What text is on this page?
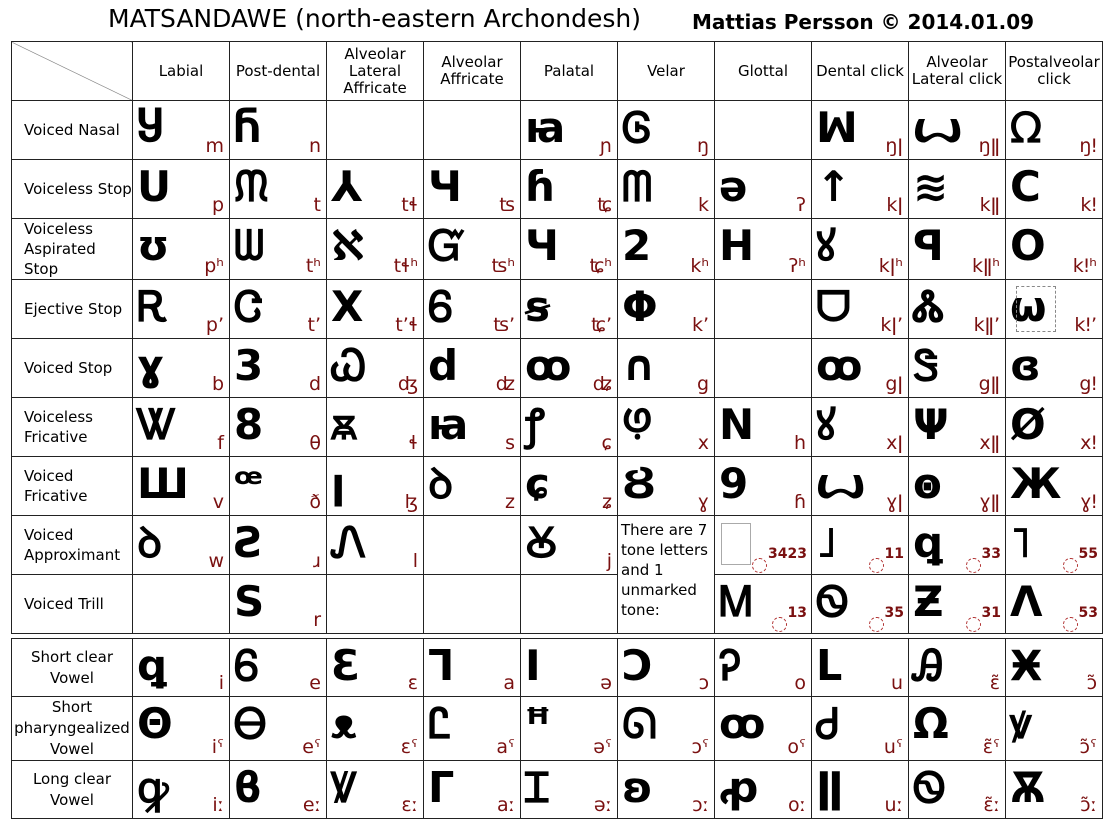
MATSANDAWE (north-eastern Archondesh)	Mattias Persson © 2014.01.09
	Labial	Post-dental	Alveolar Lateral Affricate	Alveolar Affricate	Palatal	Velar	Glottal	Dental click	Alveolar Lateral click	Postalveolar click
Voiced Nasal	Ⴘ m	Ⴌ n			ꙗ ɲ	Ꮆ ŋ		ꟽ ŋǀ	ꙍ ŋǁ	ᘯ ŋǃ

Voiceless Stop	U p	ᙏ t	⅄ tɬ	Ч ʦ	ɦ ʨ	ᗰ k	ə ʔ	↑ kǀ	≋ kǁ	C kǃ

Voiceless Aspirated Stop	ʊ pʰ	ᗯ tʰ	ℵ tɬʰ	Ᏻ ʦʰ	Ч ʨʰ	2 kʰ	H ʔʰ	ꙋ kǀʰ	ꟼ kǁʰ	O kǃʰ

Ejective Stop	Ꭱ p’	Ꮳ t’	X t’ɬ	Ꮾ ʦ’	ꞩ ʨ’	Φ k’		ᗜ kǀ’	Ꮬ kǁ’	ω kǃ’

Voiced Stop	ɣ b	3 d	Ꮗ ʤ	d ʣ	ꝏ ʥ	∩ g		ꚙ gǀ	Ꮥ gǁ	ɞ gǃ

Voiceless Fricative	Ꮤ f	8 θ	ꙛ ɬ	ꙗ s	ꝭ ɕ	ꚩ x	N h	ꙋ xǀ	Ψ xǁ	Ø xǃ

Voiced Fricative	Ш v	ꟹ ð	ꞁ ɮ	ꝺ z	ɕ ʑ	Ȣ ɣ	9 ɦ	ꙍ ɣǀ	ꙩ ɣǁ	Ж ɣǃ

Voiced Approximant	ꝺ w	Ƨ ɹ	Ꮑ l		Ꙋ j	There are 7 tone letters and 1 unmarked tone:	3423	˩ 11	ꝗ 33	˥ 55

Voiced Trill		S r					Ꮇ 13	Ꮻ 35	Ƶ 31	Ʌ 53
Short clear Vowel	ꝗ i	Ꮾ e	Ɛ ɛ	ᒣ a	I ə	Ɔ ɔ	Ꭾ o	ᒪ u	Ꭿ ɛ̃	Ӿ ɔ̃

Short pharyngealized Vowel	Θ iˤ	Ꮎ eˤ	ᴥ ɛˤ	Ꮭ aˤ	ꟸ əˤ	ᘏ ɔˤ	ꚙ oˤ	Ꮷ uˤ	Ω ɛ̃ˤ	ꝟ ɔ̃ˤ

Long clear Vowel	ꝙ iː	ϐ eː	Ꝟ ɛː	ᒥ aː	Ɪ əː	ʚ ɔː	ꝓ oː	ǁ uː	Ꮻ ɛ̃ː	Ѫ ɔ̃ː
